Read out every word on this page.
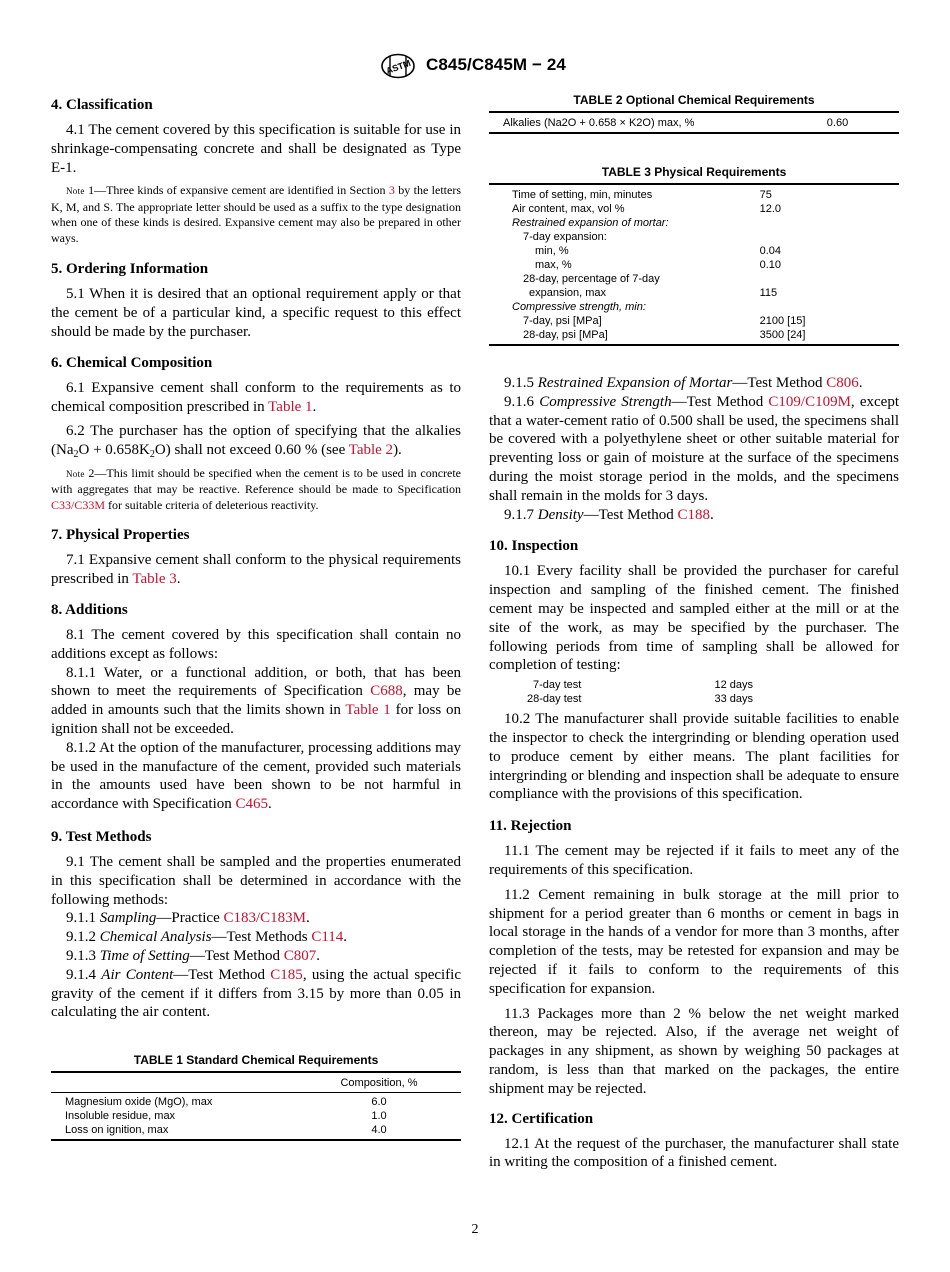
ASTM C845/C845M − 24
4. Classification

4.1 The cement covered by this specification is suitable for use in shrinkage-compensating concrete and shall be designated as Type E-1.

Note 1—Three kinds of expansive cement are identified in Section 3 by the letters K, M, and S. The appropriate letter should be used as a suffix to the type designation when one of these kinds is desired. Expansive cement may also be prepared in other ways.

5. Ordering Information

5.1 When it is desired that an optional requirement apply or that the cement be of a particular kind, a specific request to this effect should be made by the purchaser.

6. Chemical Composition

6.1 Expansive cement shall conform to the requirements as to chemical composition prescribed in Table 1.

6.2 The purchaser has the option of specifying that the alkalies $(Na_2O + 0.658K_2O)$ shall not exceed 0.60 % (see Table 2).

Note 2—This limit should be specified when the cement is to be used in concrete with aggregates that may be reactive. Reference should be made to Specification C33/C33M for suitable criteria of deleterious reactivity.

7. Physical Properties

7.1 Expansive cement shall conform to the physical requirements prescribed in Table 3.

8. Additions

8.1 The cement covered by this specification shall contain no additions except as follows:

8.1.1 Water, or a functional addition, or both, that has been shown to meet the requirements of Specification C688, may be added in amounts such that the limits shown in Table 1 for loss on ignition shall not be exceeded.

8.1.2 At the option of the manufacturer, processing additions may be used in the manufacture of the cement, provided such materials in the amounts used have been shown to be not harmful in accordance with Specification C465.

9. Test Methods

9.1 The cement shall be sampled and the properties enumerated in this specification shall be determined in accordance with the following methods:

9.1.1 Sampling—Practice C183/C183M.

9.1.2 Chemical Analysis—Test Methods C114.

9.1.3 Time of Setting—Test Method C807.

9.1.4 Air Content—Test Method C185, using the actual specific gravity of the cement if it differs from 3.15 by more than 0.05 in calculating the air content.

TABLE 1 Standard Chemical Requirements
	Composition, %
Magnesium oxide (MgO), max	6.0
Insoluble residue, max	1.0
Loss on ignition, max	4.0

TABLE 2 Optional Chemical Requirements
Alkalies (Na2O + 0.658 × K2O) max, %	0.60

TABLE 3 Physical Requirements
Time of setting, min, minutes	75
Air content, max, vol %	12.0
Restrained expansion of mortar:	
7-day expansion:	
min, %	0.04
max, %	0.10
28-day, percentage of 7-day	
expansion, max	115
Compressive strength, min:	
7-day, psi [MPa]	2100 [15]
28-day, psi [MPa]	3500 [24]

9.1.5 Restrained Expansion of Mortar—Test Method C806.

9.1.6 Compressive Strength—Test Method C109/C109M, except that a water-cement ratio of 0.500 shall be used, the specimens shall be covered with a polyethylene sheet or other suitable material for preventing loss or gain of moisture at the surface of the specimens during the moist storage period in the molds, and the specimens shall remain in the molds for 3 days.

9.1.7 Density—Test Method C188.

10. Inspection

10.1 Every facility shall be provided the purchaser for careful inspection and sampling of the finished cement. The finished cement may be inspected and sampled either at the mill or at the site of the work, as may be specified by the purchaser. The following periods from time of sampling shall be allowed for completion of testing:

7-day test	12 days
28-day test	33 days

10.2 The manufacturer shall provide suitable facilities to enable the inspector to check the intergrinding or blending operation used to produce cement by either means. The plant facilities for intergrinding or blending and inspection shall be adequate to ensure compliance with the provisions of this specification.

11. Rejection

11.1 The cement may be rejected if it fails to meet any of the requirements of this specification.

11.2 Cement remaining in bulk storage at the mill prior to shipment for a period greater than 6 months or cement in bags in local storage in the hands of a vendor for more than 3 months, after completion of the tests, may be retested for expansion and may be rejected if it fails to conform to the requirements of this specification for expansion.

11.3 Packages more than 2 % below the net weight marked thereon, may be rejected. Also, if the average net weight of packages in any shipment, as shown by weighing 50 packages at random, is less than that marked on the packages, the entire shipment may be rejected.

12. Certification

12.1 At the request of the purchaser, the manufacturer shall state in writing the composition of a finished cement.

2
